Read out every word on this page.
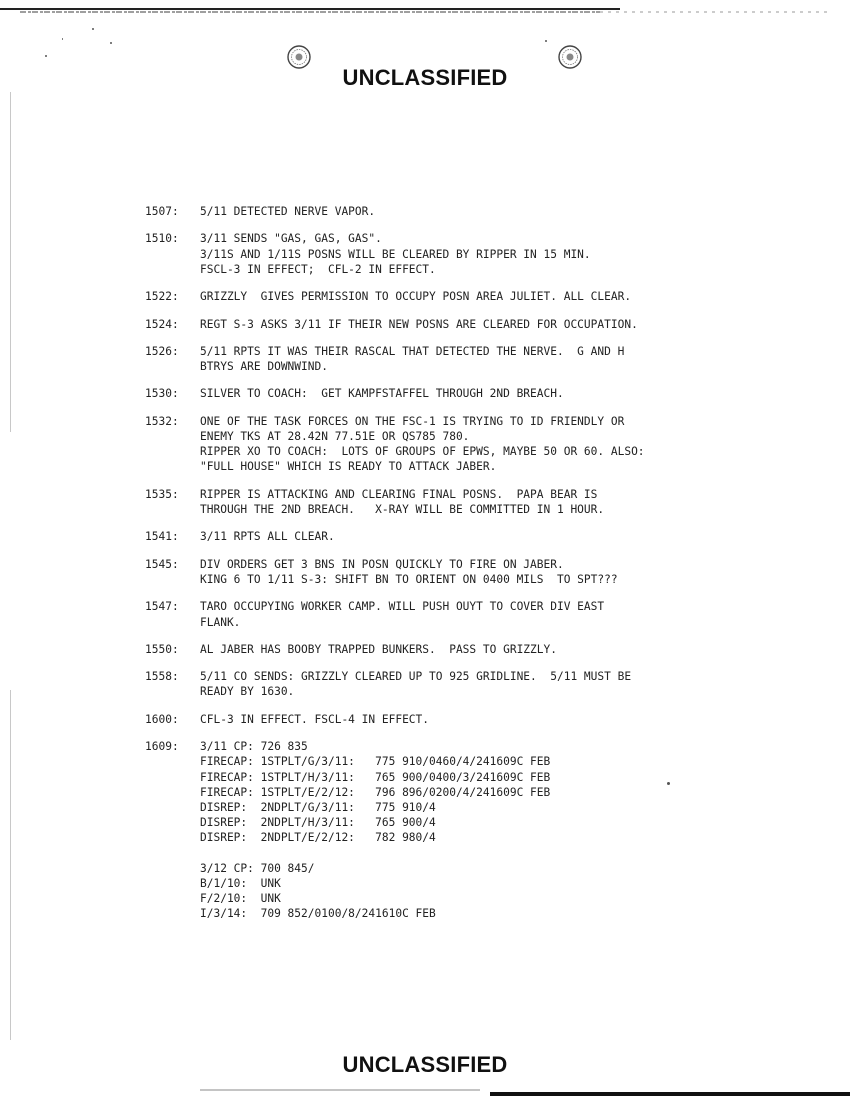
UNCLASSIFIED
1507:	5/11 DETECTED NERVE VAPOR.
1510:	3/11 SENDS "GAS, GAS, GAS".
3/11S AND 1/11S POSNS WILL BE CLEARED BY RIPPER IN 15 MIN.
FSCL-3 IN EFFECT;  CFL-2 IN EFFECT.
1522:	GRIZZLY  GIVES PERMISSION TO OCCUPY POSN AREA JULIET. ALL CLEAR.
1524:	REGT S-3 ASKS 3/11 IF THEIR NEW POSNS ARE CLEARED FOR OCCUPATION.
1526:	5/11 RPTS IT WAS THEIR RASCAL THAT DETECTED THE NERVE.  G AND H
BTRYS ARE DOWNWIND.
1530:	SILVER TO COACH:  GET KAMPFSTAFFEL THROUGH 2ND BREACH.
1532:	ONE OF THE TASK FORCES ON THE FSC-1 IS TRYING TO ID FRIENDLY OR
ENEMY TKS AT 28.42N 77.51E OR QS785 780.
RIPPER XO TO COACH:  LOTS OF GROUPS OF EPWS, MAYBE 50 OR 60. ALSO:
"FULL HOUSE" WHICH IS READY TO ATTACK JABER.
1535:	RIPPER IS ATTACKING AND CLEARING FINAL POSNS.  PAPA BEAR IS
THROUGH THE 2ND BREACH.   X-RAY WILL BE COMMITTED IN 1 HOUR.
1541:	3/11 RPTS ALL CLEAR.
1545:	DIV ORDERS GET 3 BNS IN POSN QUICKLY TO FIRE ON JABER.
KING 6 TO 1/11 S-3: SHIFT BN TO ORIENT ON 0400 MILS  TO SPT???
1547:	TARO OCCUPYING WORKER CAMP. WILL PUSH OUYT TO COVER DIV EAST
FLANK.
1550:	AL JABER HAS BOOBY TRAPPED BUNKERS.  PASS TO GRIZZLY.
1558:	5/11 CO SENDS: GRIZZLY CLEARED UP TO 925 GRIDLINE.  5/11 MUST BE
READY BY 1630.
1600:	CFL-3 IN EFFECT. FSCL-4 IN EFFECT.
1609:	3/11 CP: 726 835
FIRECAP: 1STPLT/G/3/11:   775 910/0460/4/241609C FEB
FIRECAP: 1STPLT/H/3/11:   765 900/0400/3/241609C FEB
FIRECAP: 1STPLT/E/2/12:   796 896/0200/4/241609C FEB
DISREP:  2NDPLT/G/3/11:   775 910/4
DISREP:  2NDPLT/H/3/11:   765 900/4
DISREP:  2NDPLT/E/2/12:   782 980/4
3/12 CP: 700 845/
B/1/10:  UNK
F/2/10:  UNK
I/3/14:  709 852/0100/8/241610C FEB
UNCLASSIFIED
